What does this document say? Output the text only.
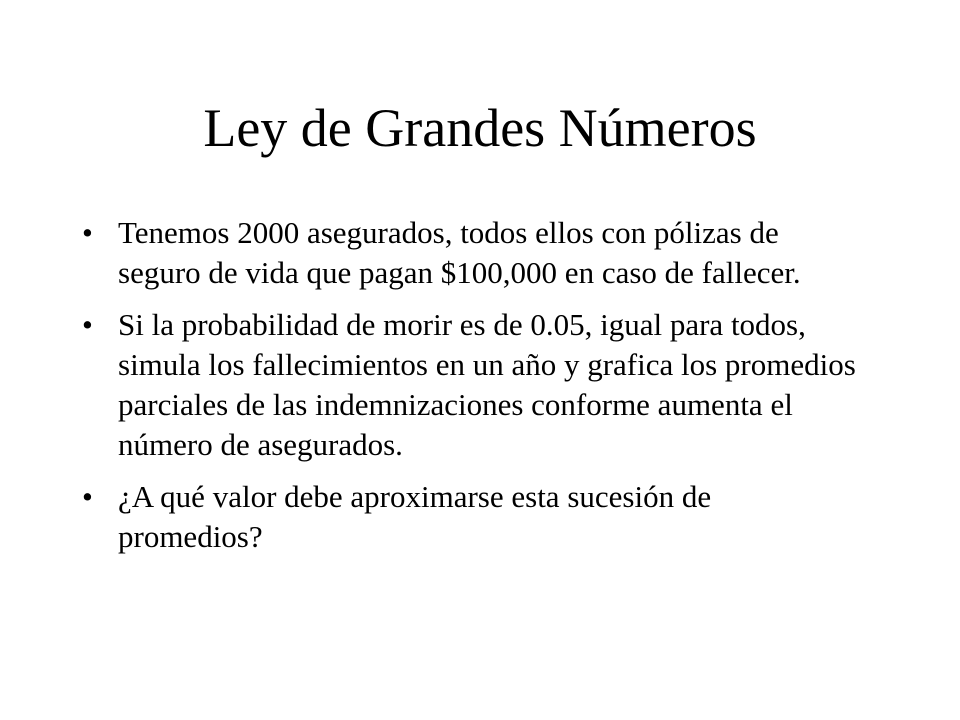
Ley de Grandes Números
• Tenemos 2000 asegurados, todos ellos con pólizas de seguro de vida que pagan $100,000 en caso de fallecer.
• Si la probabilidad de morir es de 0.05, igual para todos, simula los fallecimientos en un año y grafica los promedios parciales de las indemnizaciones conforme aumenta el número de asegurados.
• ¿A qué valor debe aproximarse esta sucesión de promedios?
